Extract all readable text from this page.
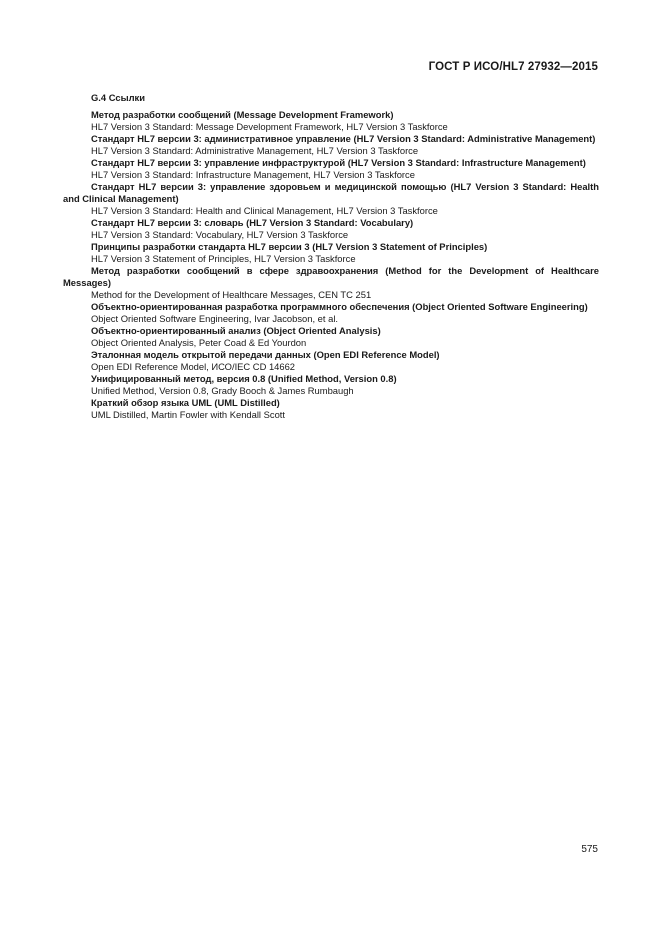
ГОСТ Р ИСО/HL7 27932—2015
G.4 Ссылки
Метод разработки сообщений (Message Development Framework)
HL7 Version 3 Standard: Message Development Framework, HL7 Version 3 Taskforce
Стандарт HL7 версии 3: административное управление (HL7 Version 3 Standard: Administrative Management)
HL7 Version 3 Standard: Administrative Management, HL7 Version 3 Taskforce
Стандарт HL7 версии 3: управление инфраструктурой (HL7 Version 3 Standard: Infrastructure Management)
HL7 Version 3 Standard: Infrastructure Management, HL7 Version 3 Taskforce
Стандарт HL7 версии 3: управление здоровьем и медицинской помощью (HL7 Version 3 Standard: Health and Clinical Management)
HL7 Version 3 Standard: Health and Clinical Management, HL7 Version 3 Taskforce
Стандарт HL7 версии 3: словарь (HL7 Version 3 Standard: Vocabulary)
HL7 Version 3 Standard: Vocabulary, HL7 Version 3 Taskforce
Принципы разработки стандарта HL7 версии 3 (HL7 Version 3 Statement of Principles)
HL7 Version 3 Statement of Principles, HL7 Version 3 Taskforce
Метод разработки сообщений в сфере здравоохранения (Method for the Development of Healthcare Messages)
Method for the Development of Healthcare Messages, CEN TC 251
Объектно-ориентированная разработка программного обеспечения (Object Oriented Software Engineering)
Object Oriented Software Engineering, Ivar Jacobson, et al.
Объектно-ориентированный анализ (Object Oriented Analysis)
Object Oriented Analysis, Peter Coad & Ed Yourdon
Эталонная модель открытой передачи данных (Open EDI Reference Model)
Open EDI Reference Model, ИСО/IEC CD 14662
Унифицированный метод, версия 0.8 (Unified Method, Version 0.8)
Unified Method, Version 0.8, Grady Booch & James Rumbaugh
Краткий обзор языка UML (UML Distilled)
UML Distilled, Martin Fowler with Kendall Scott
575
